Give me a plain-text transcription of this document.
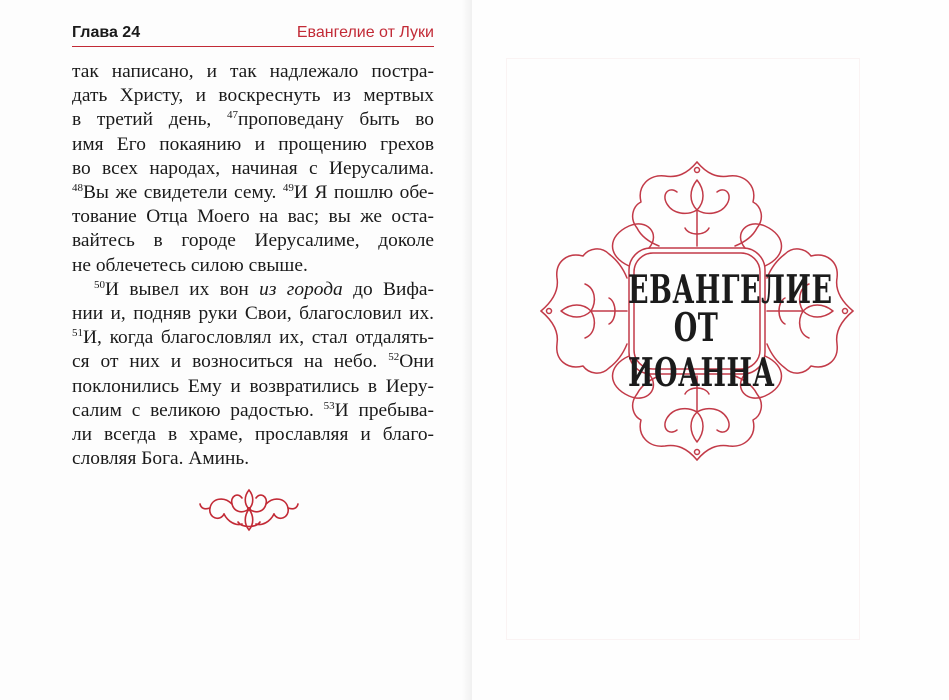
Глава 24	Евангелие от Луки
так написано, и так надлежало постра-
дать Христу, и воскреснуть из мертвых
в третий день, $^{47}$проповедану быть во
имя Его покаянию и прощению грехов
во всех народах, начиная с Иерусалима.
$^{48}$Вы же свидетели сему. $^{49}$И Я пошлю обе-
тование Отца Моего на вас; вы же оста-
вайтесь в городе Иерусалиме, доколе
не облечетесь силою свыше.
$^{50}$И вывел их вон из города до Вифа-
нии и, подняв руки Свои, благословил их.
$^{51}$И, когда благословлял их, стал отдалять-
ся от них и возноситься на небо. $^{52}$Они
поклонились Ему и возвратились в Иеру-
салим с великою радостью. $^{53}$И пребыва-
ли всегда в храме, прославляя и благо-
словляя Бога. Аминь.
ЕВАНГЕЛИЕ
ОТ ИОАННА
